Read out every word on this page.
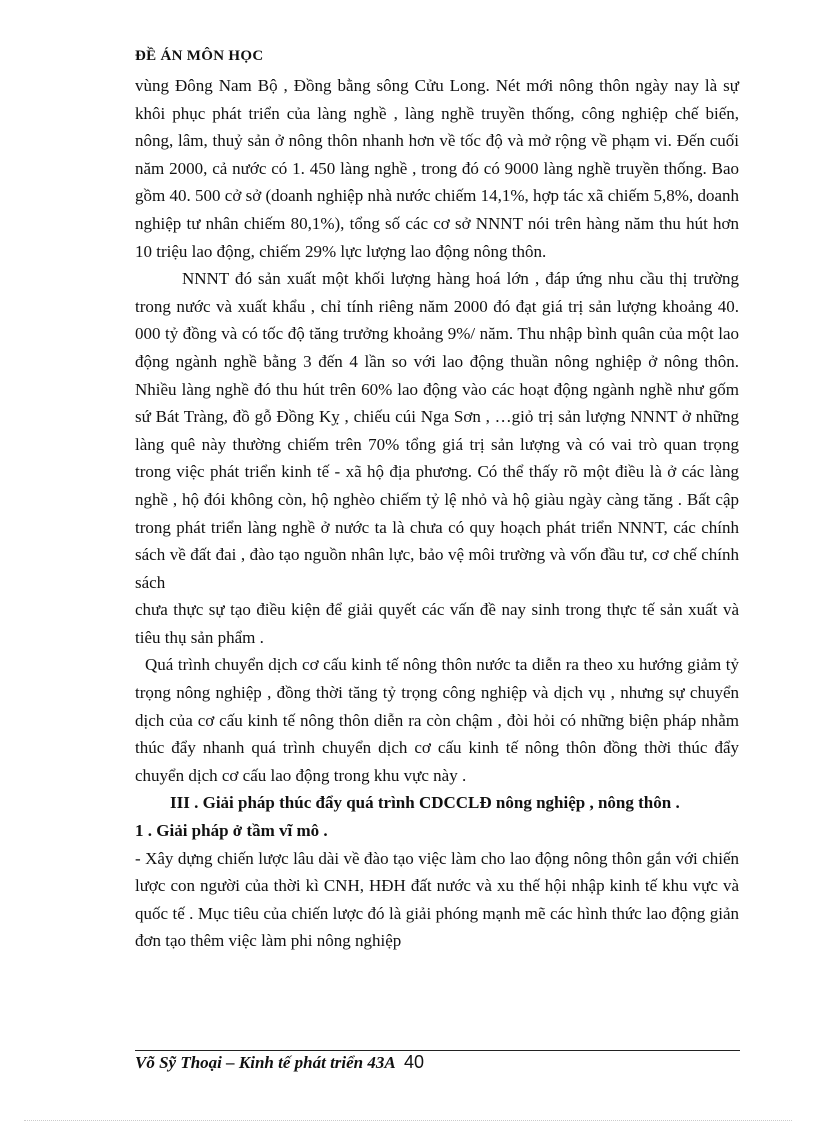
ĐỀ ÁN MÔN HỌC

vùng Đông Nam Bộ , Đồng bằng sông Cửu Long. Nét mới nông thôn ngày nay là sự khôi phục phát triển của làng nghề , làng nghề truyền thống, công nghiệp chế biến, nông, lâm, thuỷ sản ở nông thôn nhanh hơn về tốc độ và mở rộng về phạm vi. Đến cuối năm 2000, cả nước có 1. 450 làng nghề , trong đó có 9000 làng nghề truyền thống. Bao gồm 40. 500 cở sở (doanh nghiệp nhà nước chiếm 14,1%, hợp tác xã chiếm 5,8%, doanh nghiệp tư nhân chiếm 80,1%), tổng số các cơ sở NNNT nói trên hàng năm thu hút hơn 10 triệu lao động, chiếm 29% lực lượng lao động nông thôn.

NNNT đó sản xuất một khối lượng hàng hoá lớn , đáp ứng nhu cầu thị trường trong nước và xuất khẩu , chỉ tính riêng năm 2000 đó đạt giá trị sản lượng khoảng 40. 000 tỷ đồng và có tốc độ tăng trưởng khoảng 9%/ năm. Thu nhập bình quân của một lao động ngành nghề bằng 3 đến 4 lần so với lao động thuần nông nghiệp ở nông thôn. Nhiều làng nghề đó thu hút trên 60% lao động vào các hoạt động ngành nghề như gốm sứ Bát Tràng, đồ gỗ Đồng Kỵ , chiếu cúi Nga Sơn , …giỏ trị sản lượng NNNT ở những làng quê này thường chiếm trên 70% tổng giá trị sản lượng và có vai trò quan trọng trong việc phát triển kinh tế - xã hộ địa phương. Có thể thấy rõ một điều là ở các làng nghề , hộ đói không còn, hộ nghèo chiếm tỷ lệ nhỏ và hộ giàu ngày càng tăng . Bất cập trong phát triển làng nghề ở nước ta là chưa có quy hoạch phát triển NNNT, các chính sách về đất đai , đào tạo nguồn nhân lực, bảo vệ môi trường và vốn đầu tư, cơ chế chính sách

chưa thực sự tạo điều kiện để giải quyết các vấn đề nay sinh trong thực tế sản xuất và tiêu thụ sản phẩm .

Quá trình chuyển dịch cơ cấu kinh tế nông thôn nước ta diễn ra theo xu hướng giảm tỷ trọng nông nghiệp , đồng thời tăng tỷ trọng công nghiệp và dịch vụ , nhưng sự chuyển dịch của cơ cấu kinh tế nông thôn diễn ra còn chậm , đòi hỏi có những biện pháp nhằm thúc đẩy nhanh quá trình chuyển dịch cơ cấu kinh tế nông thôn đồng thời thúc đẩy chuyển dịch cơ cấu lao động trong khu vực này .

III . Giải pháp thúc đẩy quá trình CDCCLĐ nông nghiệp , nông thôn .

1 . Giải pháp ở tầm vĩ mô .

- Xây dựng chiến lược lâu dài về đào tạo việc làm cho lao động nông thôn gắn với chiến lược con người của thời kì CNH, HĐH đất nước và xu thế hội nhập kinh tế khu vực và quốc tế . Mục tiêu của chiến lược đó là giải phóng mạnh mẽ các hình thức lao động giản đơn tạo thêm việc làm phi nông nghiệp

Võ Sỹ Thoại – Kinh tế phát triển 43A 40
